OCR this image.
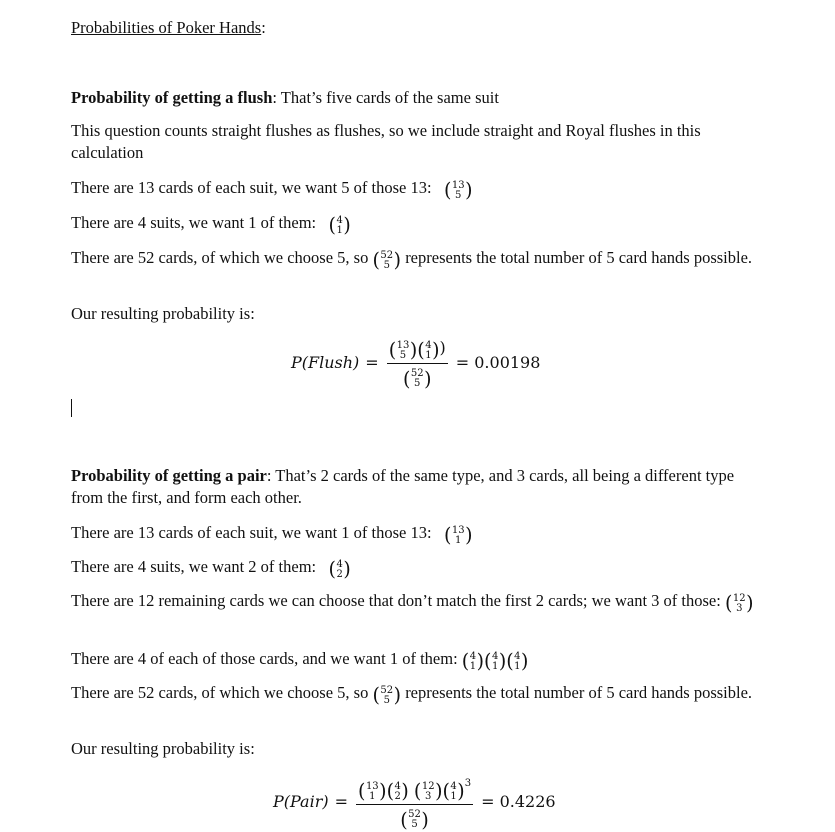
Probabilities of Poker Hands:

Probability of getting a flush: That’s five cards of the same suit

This question counts straight flushes as flushes, so we include straight and Royal flushes in this calculation

There are 13 cards of each suit, we want 5 of those 13: ( 13
5 )

There are 4 suits, we want 1 of them: ( 4
1 )

There are 52 cards, of which we choose 5, so ( 52
5 ) represents the total number of 5 card hands possible.

Our resulting probability is:

P(Flush) = ( 13
5 ) ( 4
1 ) )
( 52
5 ) = 0.00198

Probability of getting a pair: That’s 2 cards of the same type, and 3 cards, all being a different type from the first, and form each other.

There are 13 cards of each suit, we want 1 of those 13: ( 13
1 )

There are 4 suits, we want 2 of them: ( 4
2 )

There are 12 remaining cards we can choose that don’t match the first 2 cards; we want 3 of those: ( 12
3 )

There are 4 of each of those cards, and we want 1 of them: ( 4
1 ) ( 4
1 ) ( 4
1 )

There are 52 cards, of which we choose 5, so ( 52
5 ) represents the total number of 5 card hands possible.

Our resulting probability is:

P(Pair) = ( 13
1 ) ( 4
2 )
( 12
3 ) ( 4
1 ) $^3$
( 52
5 ) = 0.4226
